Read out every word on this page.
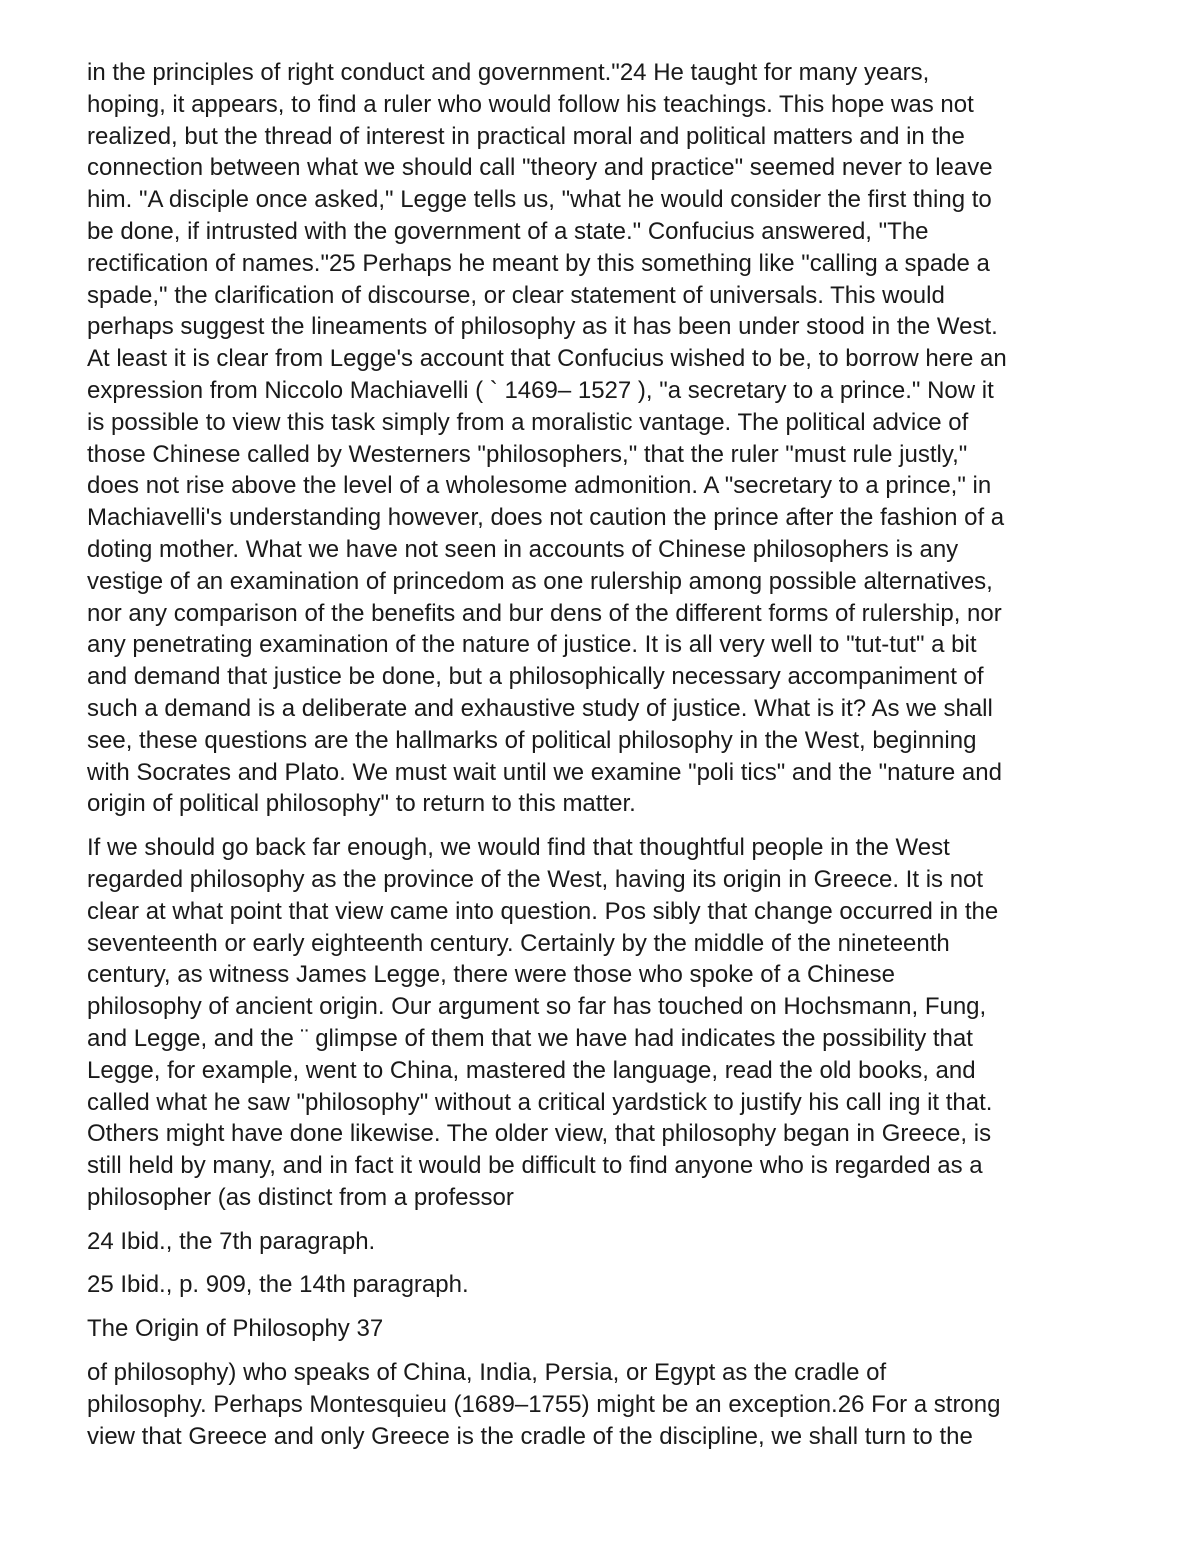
in the principles of right conduct and government."24 He taught for many years,
hoping, it appears, to find a ruler who would follow his teachings. This hope was not
realized, but the thread of interest in practical moral and political matters and in the
connection between what we should call "theory and practice" seemed never to leave
him. "A disciple once asked," Legge tells us, "what he would consider the first thing to
be done, if intrusted with the government of a state." Confucius answered, "The
rectification of names."25 Perhaps he meant by this something like "calling a spade a
spade," the clarification of discourse, or clear statement of universals. This would
perhaps suggest the lineaments of philosophy as it has been under stood in the West.
At least it is clear from Legge's account that Confucius wished to be, to borrow here an
expression from Niccolo Machiavelli ( ` 1469– 1527 ), "a secretary to a prince." Now it
is possible to view this task simply from a moralistic vantage. The political advice of
those Chinese called by Westerners "philosophers," that the ruler "must rule justly,"
does not rise above the level of a wholesome admonition. A "secretary to a prince," in
Machiavelli's understanding however, does not caution the prince after the fashion of a
doting mother. What we have not seen in accounts of Chinese philosophers is any
vestige of an examination of princedom as one rulership among possible alternatives,
nor any comparison of the benefits and bur dens of the different forms of rulership, nor
any penetrating examination of the nature of justice. It is all very well to "tut-tut" a bit
and demand that justice be done, but a philosophically necessary accompaniment of
such a demand is a deliberate and exhaustive study of justice. What is it? As we shall
see, these questions are the hallmarks of political philosophy in the West, beginning
with Socrates and Plato. We must wait until we examine "poli tics" and the "nature and
origin of political philosophy" to return to this matter.

If we should go back far enough, we would find that thoughtful people in the West
regarded philosophy as the province of the West, having its origin in Greece. It is not
clear at what point that view came into question. Pos sibly that change occurred in the
seventeenth or early eighteenth century. Certainly by the middle of the nineteenth
century, as witness James Legge, there were those who spoke of a Chinese
philosophy of ancient origin. Our argument so far has touched on Hochsmann, Fung,
and Legge, and the ¨ glimpse of them that we have had indicates the possibility that
Legge, for example, went to China, mastered the language, read the old books, and
called what he saw "philosophy" without a critical yardstick to justify his call ing it that.
Others might have done likewise. The older view, that philosophy began in Greece, is
still held by many, and in fact it would be difficult to find anyone who is regarded as a
philosopher (as distinct from a professor

24 Ibid., the 7th paragraph.

25 Ibid., p. 909, the 14th paragraph.

The Origin of Philosophy 37

of philosophy) who speaks of China, India, Persia, or Egypt as the cradle of
philosophy. Perhaps Montesquieu (1689–1755) might be an exception.26 For a strong
view that Greece and only Greece is the cradle of the discipline, we shall turn to the
